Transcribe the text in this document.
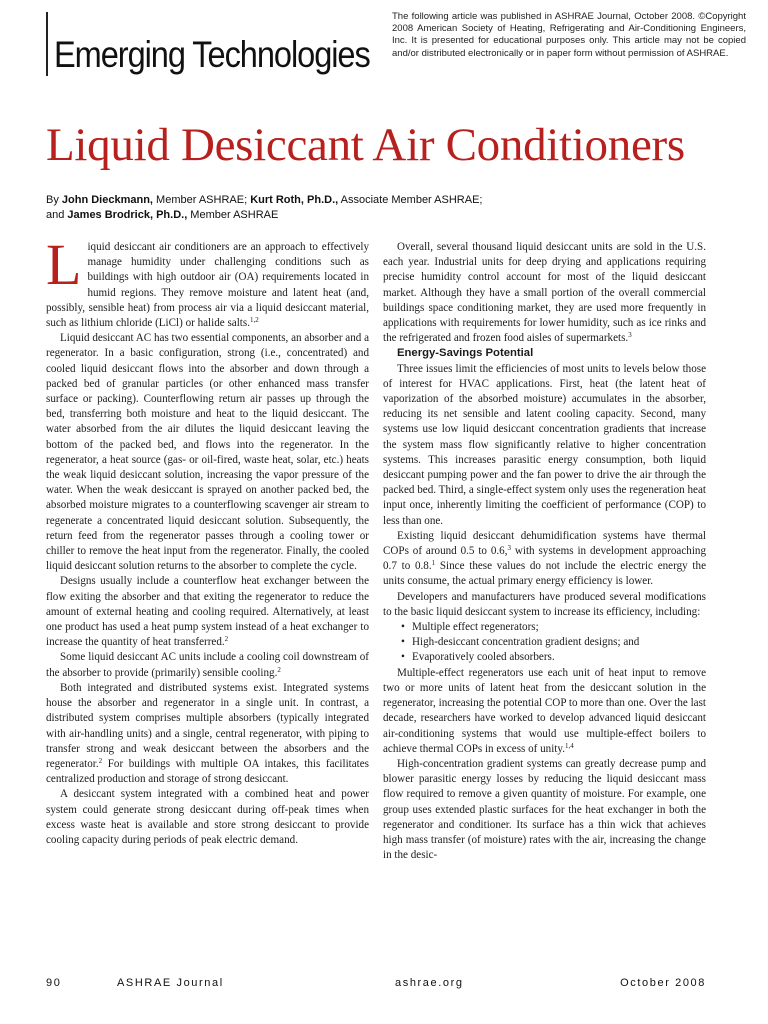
Emerging Technologies
The following article was published in ASHRAE Journal, October 2008. ©Copyright 2008 American Society of Heating, Refrigerating and Air-Conditioning Engineers, Inc. It is presented for educational purposes only. This article may not be copied and/or distributed electronically or in paper form without permission of ASHRAE.
Liquid Desiccant Air Conditioners
By John Dieckmann, Member ASHRAE; Kurt Roth, Ph.D., Associate Member ASHRAE;
and James Brodrick, Ph.D., Member ASHRAE

Liquid desiccant air conditioners are an approach to effectively manage humidity under challenging conditions such as buildings with high outdoor air (OA) requirements located in humid regions. They remove moisture and latent heat (and, possibly, sensible heat) from process air via a liquid desiccant material, such as lithium chloride (LiCl) or halide salts.$^{1,2}$

Liquid desiccant AC has two essential components, an absorber and a regenerator. In a basic configuration, strong (i.e., concentrated) and cooled liquid desiccant flows into the absorber and down through a packed bed of granular particles (or other enhanced mass transfer surface or packing). Counterflowing return air passes up through the bed, transferring both moisture and heat to the liquid desiccant. The water absorbed from the air dilutes the liquid desiccant leaving the bottom of the packed bed, and flows into the regenerator. In the regenerator, a heat source (gas- or oil-fired, waste heat, solar, etc.) heats the weak liquid desiccant solution, increasing the vapor pressure of the water. When the weak desiccant is sprayed on another packed bed, the absorbed moisture migrates to a counterflowing scavenger air stream to regenerate a concentrated liquid desiccant solution. Subsequently, the return feed from the regenerator passes through a cooling tower or chiller to remove the heat input from the regenerator. Finally, the cooled liquid desiccant solution returns to the absorber to complete the cycle.

Designs usually include a counterflow heat exchanger between the flow exiting the absorber and that exiting the regenerator to reduce the amount of external heating and cooling required. Alternatively, at least one product has used a heat pump system instead of a heat exchanger to increase the quantity of heat transferred.$^2$

Some liquid desiccant AC units include a cooling coil downstream of the absorber to provide (primarily) sensible cooling.$^2$

Both integrated and distributed systems exist. Integrated systems house the absorber and regenerator in a single unit. In contrast, a distributed system comprises multiple absorbers (typically integrated with air-handling units) and a single, central regenerator, with piping to transfer strong and weak desiccant between the absorbers and the regenerator.$^2$ For buildings with multiple OA intakes, this facilitates centralized production and storage of strong desiccant.

A desiccant system integrated with a combined heat and power system could generate strong desiccant during off-peak times when excess waste heat is available and store strong desiccant to provide cooling capacity during periods of peak electric demand.

Overall, several thousand liquid desiccant units are sold in the U.S. each year. Industrial units for deep drying and applications requiring precise humidity control account for most of the liquid desiccant market. Although they have a small portion of the overall commercial buildings space conditioning market, they are used more frequently in applications with requirements for lower humidity, such as ice rinks and the refrigerated and frozen food aisles of supermarkets.$^3$

Energy-Savings Potential

Three issues limit the efficiencies of most units to levels below those of interest for HVAC applications. First, heat (the latent heat of vaporization of the absorbed moisture) accumulates in the absorber, reducing its net sensible and latent cooling capacity. Second, many systems use low liquid desiccant concentration gradients that increase the system mass flow significantly relative to higher concentration systems. This increases parasitic energy consumption, both liquid desiccant pumping power and the fan power to drive the air through the packed bed. Third, a single-effect system only uses the regeneration heat input once, inherently limiting the coefficient of performance (COP) to less than one.

Existing liquid desiccant dehumidification systems have thermal COPs of around 0.5 to 0.6,$^3$ with systems in development approaching 0.7 to 0.8.$^1$ Since these values do not include the electric energy the units consume, the actual primary energy efficiency is lower.

Developers and manufacturers have produced several modifications to the basic liquid desiccant system to increase its efficiency, including:

• Multiple effect regenerators;
• High-desiccant concentration gradient designs; and
• Evaporatively cooled absorbers.

Multiple-effect regenerators use each unit of heat input to remove two or more units of latent heat from the desiccant solution in the regenerator, increasing the potential COP to more than one. Over the last decade, researchers have worked to develop advanced liquid desiccant air-conditioning systems that would use multiple-effect boilers to achieve thermal COPs in excess of unity.$^{1,4}$

High-concentration gradient systems can greatly decrease pump and blower parasitic energy losses by reducing the liquid desiccant mass flow required to remove a given quantity of moisture. For example, one group uses extended plastic surfaces for the heat exchanger in both the regenerator and conditioner. Its surface has a thin wick that achieves high mass transfer (of moisture) rates with the air, increasing the change in the desic-

90	ASHRAE Journal	ashrae.org	October 2008
